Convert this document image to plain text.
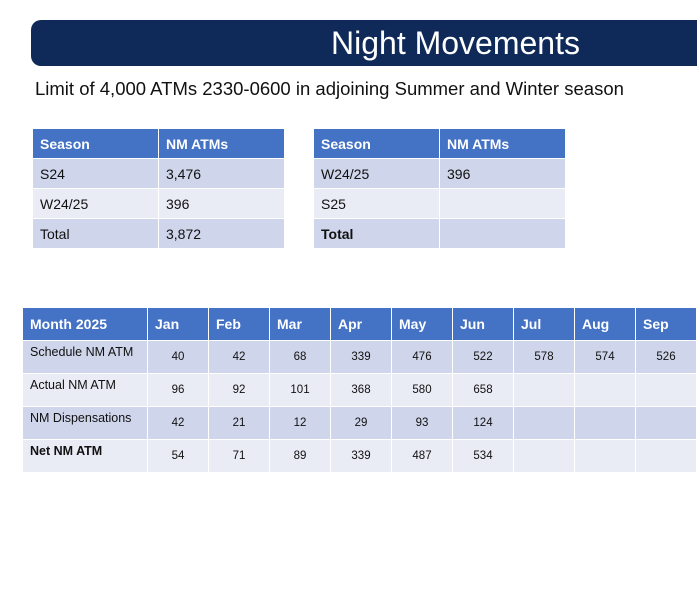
Night Movements
Limit of 4,000 ATMs 2330-0600 in adjoining Summer and Winter season
Season	NM ATMs
S24	3,476
W24/25	396
Total	3,872
Season	NM ATMs
W24/25	396
S25	
Total	
Month 2025	Jan	Feb	Mar	Apr	May	Jun	Jul	Aug	Sep
Schedule NM ATM	40	42	68	339	476	522	578	574	526
Actual NM ATM	96	92	101	368	580	658			
NM Dispensations	42	21	12	29	93	124			
Net NM ATM	54	71	89	339	487	534			
